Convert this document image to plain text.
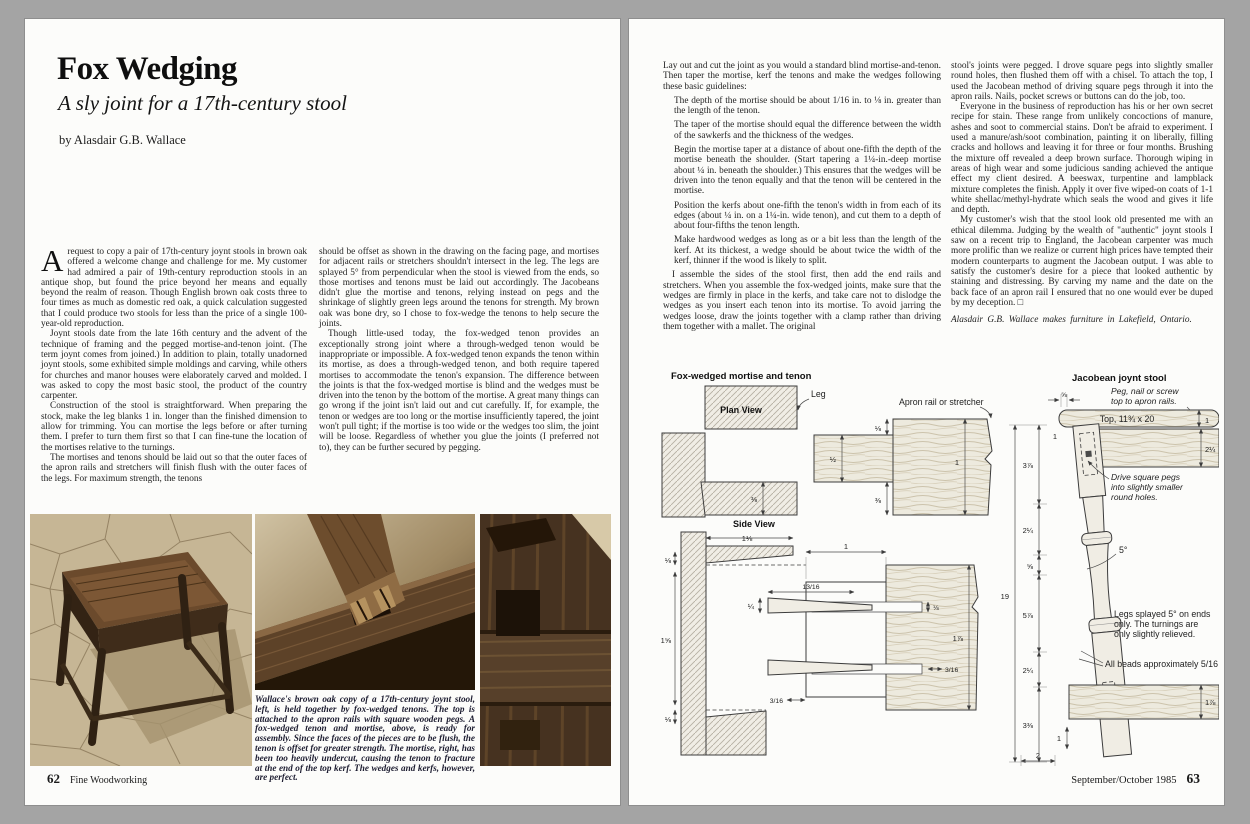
Fox Wedging
A sly joint for a 17th-century stool
by Alasdair G.B. Wallace

Arequest to copy a pair of 17th-century joynt stools in brown oak offered a welcome change and challenge for me. My customer had admired a pair of 19th-century reproduction stools in an antique shop, but found the price beyond her means and equally beyond the realm of reason. Though English brown oak costs three to four times as much as domestic red oak, a quick calculation suggested that I could produce two stools for less than the price of a single 100-year-old reproduction.

Joynt stools date from the late 16th century and the advent of the technique of framing and the pegged mortise-and-tenon joint. (The term joynt comes from joined.) In addition to plain, totally unadorned joynt stools, some exhibited simple moldings and carving, while others for churches and manor houses were elaborately carved and molded. I was asked to copy the most basic stool, the product of the country carpenter.

Construction of the stool is straightforward. When preparing the stock, make the leg blanks 1 in. longer than the finished dimension to allow for trimming. You can mortise the legs before or after turning them. I prefer to turn them first so that I can fine-tune the location of the mortises relative to the turnings.

The mortises and tenons should be laid out so that the outer faces of the apron rails and stretchers will finish flush with the outer faces of the legs. For maximum strength, the tenons

should be offset as shown in the drawing on the facing page, and mortises for adjacent rails or stretchers shouldn't intersect in the leg. The legs are splayed 5° from perpendicular when the stool is viewed from the ends, so those mortises and tenons must be laid out accordingly. The Jacobeans didn't glue the mortise and tenons, relying instead on pegs and the shrinkage of slightly green legs around the tenons for strength. My brown oak was bone dry, so I chose to fox-wedge the tenons to help secure the joints.

Though little-used today, the fox-wedged tenon provides an exceptionally strong joint where a through-wedged tenon would be inappropriate or impossible. A fox-wedged tenon expands the tenon within its mortise, as does a through-wedged tenon, and both require tapered mortises to accommodate the tenon's expansion. The difference between the joints is that the fox-wedged mortise is blind and the wedges must be driven into the tenon by the bottom of the mortise. A great many things can go wrong if the joint isn't laid out and cut carefully. If, for example, the tenon or wedges are too long or the mortise insufficiently tapered, the joint won't pull tight; if the mortise is too wide or the wedges too slim, the joint will be loose. Regardless of whether you glue the joints (I preferred not to), they can be further secured by pegging.

Wallace's brown oak copy of a 17th-century joynt stool, left, is held together by fox-wedged tenons. The top is attached to the apron rails with square wooden pegs. A fox-wedged tenon and mortise, above, is ready for assembly. Since the faces of the pieces are to be flush, the tenon is offset for greater strength. The mortise, right, has been too heavily undercut, causing the tenon to fracture at the end of the top kerf. The wedges and kerfs, however, are perfect.
62 Fine Woodworking

Lay out and cut the joint as you would a standard blind mortise-and-tenon. Then taper the mortise, kerf the tenons and make the wedges following these basic guidelines:

The depth of the mortise should be about 1/16 in. to ⅛ in. greater than the length of the tenon.

The taper of the mortise should equal the difference between the width of the sawkerfs and the thickness of the wedges.

Begin the mortise taper at a distance of about one-fifth the depth of the mortise beneath the shoulder. (Start tapering a 1¼-in.-deep mortise about ¼ in. beneath the shoulder.) This ensures that the wedges will be driven into the tenon equally and that the tenon will be centered in the mortise.

Position the kerfs about one-fifth the tenon's width in from each of its edges (about ¼ in. on a 1¼-in. wide tenon), and cut them to a depth of about four-fifths the tenon length.

Make hardwood wedges as long as or a bit less than the length of the kerf. At its thickest, a wedge should be about twice the width of the kerf, thinner if the wood is likely to split.

I assemble the sides of the stool first, then add the end rails and stretchers. When you assemble the fox-wedged joints, make sure that the wedges are firmly in place in the kerfs, and take care not to dislodge the wedges as you insert each tenon into its mortise. To avoid jarring the wedges loose, draw the joints together with a clamp rather than driving them together with a mallet. The original

stool's joints were pegged. I drove square pegs into slightly smaller round holes, then flushed them off with a chisel. To attach the top, I used the Jacobean method of driving square pegs through it into the apron rails. Nails, pocket screws or buttons can do the job, too.

Everyone in the business of reproduction has his or her own secret recipe for stain. These range from unlikely concoctions of manure, ashes and soot to commercial stains. Don't be afraid to experiment. I used a manure/ash/soot combination, painting it on liberally, filling cracks and hollows and leaving it for three or four months. Brushing the mixture off revealed a deep brown surface. Thorough wiping in areas of high wear and some judicious sanding achieved the antique effect my client desired. A beeswax, turpentine and lampblack mixture completes the finish. Apply it over five wiped-on coats of 1-1 white shellac/methyl-hydrate which seals the wood and gives it life and depth.

My customer's wish that the stool look old presented me with an ethical dilemma. Judging by the wealth of "authentic" joynt stools I saw on a recent trip to England, the Jacobean carpenter was much more prolific than we realize or current high prices have tempted their modern counterparts to augment the Jacobean output. I was able to satisfy the customer's desire for a piece that looked authentic by staining and distressing. By carving my name and the date on the back face of an apron rail I ensured that no one would ever be duped by my deception. □

Alasdair G.B. Wallace makes furniture in Lakefield, Ontario.

Fox-wedged mortise and tenon
Plan View
Leg
⅜
⅛
½
⅜
1
Apron rail or stretcher
Side View
1⅛
⅛
1⅝
⅛
1
13/16
¼	⅛
3/16
1⅞
3/16
Jacobean joynt stool
Peg, nail or screw
top to apron rails.
⅝
Top, 11¾ x 20	1
2¼
1
Drive square pegs
into slightly smaller
round holes.
5°
Legs splayed 5° on ends
only. The turnings are
only slightly relieved.
All beads approximately 5/16
1⅞
1
2
3⅞
2¼
⅝
5⅞
2¼
3⅜
19
September/October 1985 63
